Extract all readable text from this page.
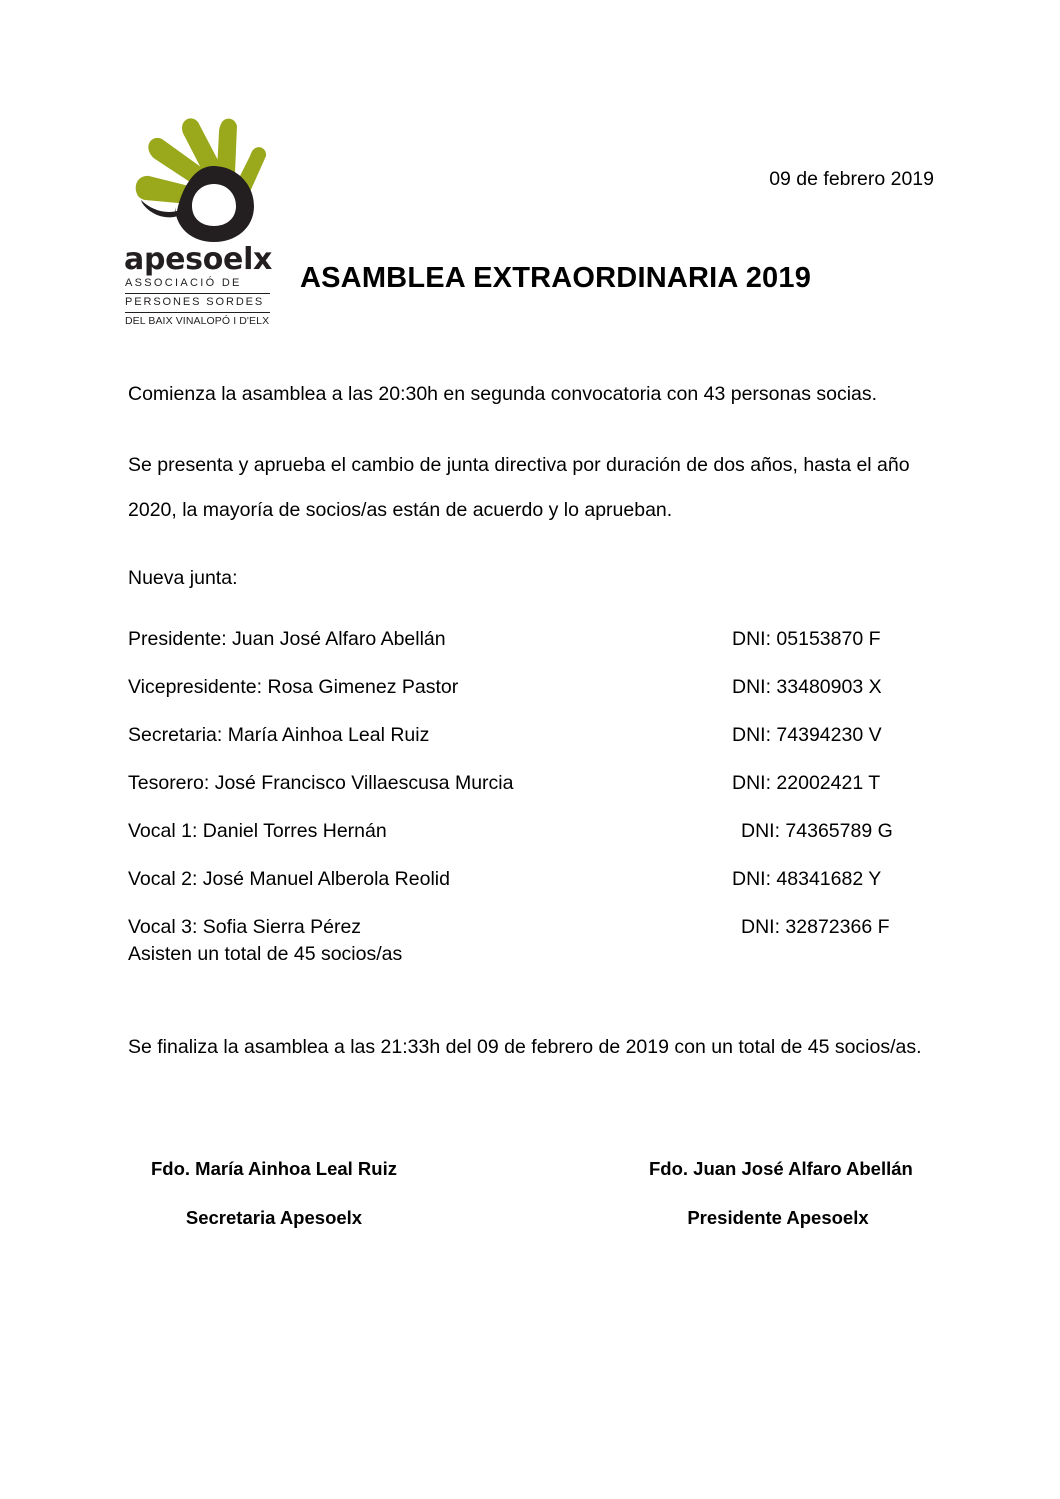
apesoelx
ASSOCIACIÓ DE
PERSONES SORDES
DEL BAIX VINALOPÓ I D'ELX
09 de febrero 2019
ASAMBLEA EXTRAORDINARIA 2019
Comienza la asamblea a las 20:30h en segunda convocatoria con 43 personas socias.
Se presenta y aprueba el cambio de junta directiva por duración de dos años, hasta el año 2020, la mayoría de socios/as están de acuerdo y lo aprueban.
Nueva junta:
Presidente: Juan José Alfaro Abellán	DNI: 05153870 F
Vicepresidente: Rosa Gimenez Pastor	DNI: 33480903 X
Secretaria: María Ainhoa Leal Ruiz	DNI: 74394230 V
Tesorero: José Francisco Villaescusa Murcia	DNI: 22002421 T
Vocal 1: Daniel Torres Hernán	DNI: 74365789 G
Vocal 2: José Manuel Alberola Reolid	DNI: 48341682 Y
Vocal 3: Sofia Sierra Pérez	DNI: 32872366 F
Asisten un total de 45 socios/as
Se finaliza la asamblea a las 21:33h del 09 de febrero de 2019 con un total de 45 socios/as.
Fdo. María Ainhoa Leal Ruiz
Secretaria Apesoelx
Fdo. Juan José Alfaro Abellán
Presidente Apesoelx
